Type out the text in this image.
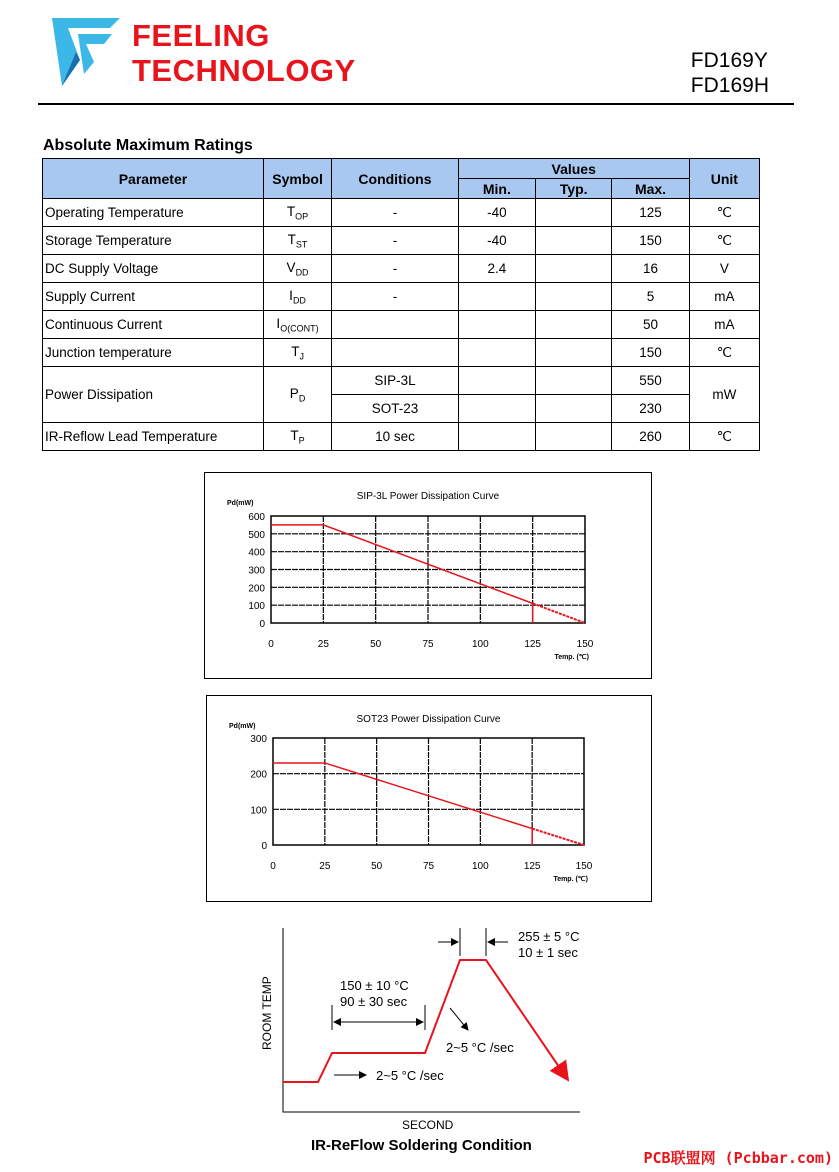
FEELING
TECHNOLOGY	FD169Y
FD169H
Absolute Maximum Ratings
Parameter	Symbol	Conditions	Values			Unit
			Min.	Typ.	Max.	
Operating Temperature	$T_{OP}$	-	-40		125	℃
Storage Temperature	$T_{ST}$	-	-40		150	℃
DC Supply Voltage	$V_{DD}$	-	2.4		16	V
Supply Current	$I_{DD}$	-			5	mA
Continuous Current	$I_{O(CONT)}$				50	mA
Junction temperature	$T_J$				150	℃
Power Dissipation	$P_D$	SIP-3L			550	mW
		SOT-23			230	
IR-Reflow Lead Temperature	$T_P$	10 sec			260	℃
SIP-3L Power Dissipation Curve
Pd(mW)
Temp. (℃)
0
100
200
300
400
500
600
0	25	50	75	100	125	150
SOT23 Power Dissipation Curve
Pd(mW)
Temp. (℃)
0
100
200
300
0	25	50	75	100	125	150
ROOM TEMP
SECOND
255 ± 5 °C
10 ± 1 sec
150 ± 10 °C
90 ± 30 sec
2~5 °C /sec
2~5 °C /sec
IR-ReFlow Soldering Condition
PCB联盟网 (Pcbbar.com)
